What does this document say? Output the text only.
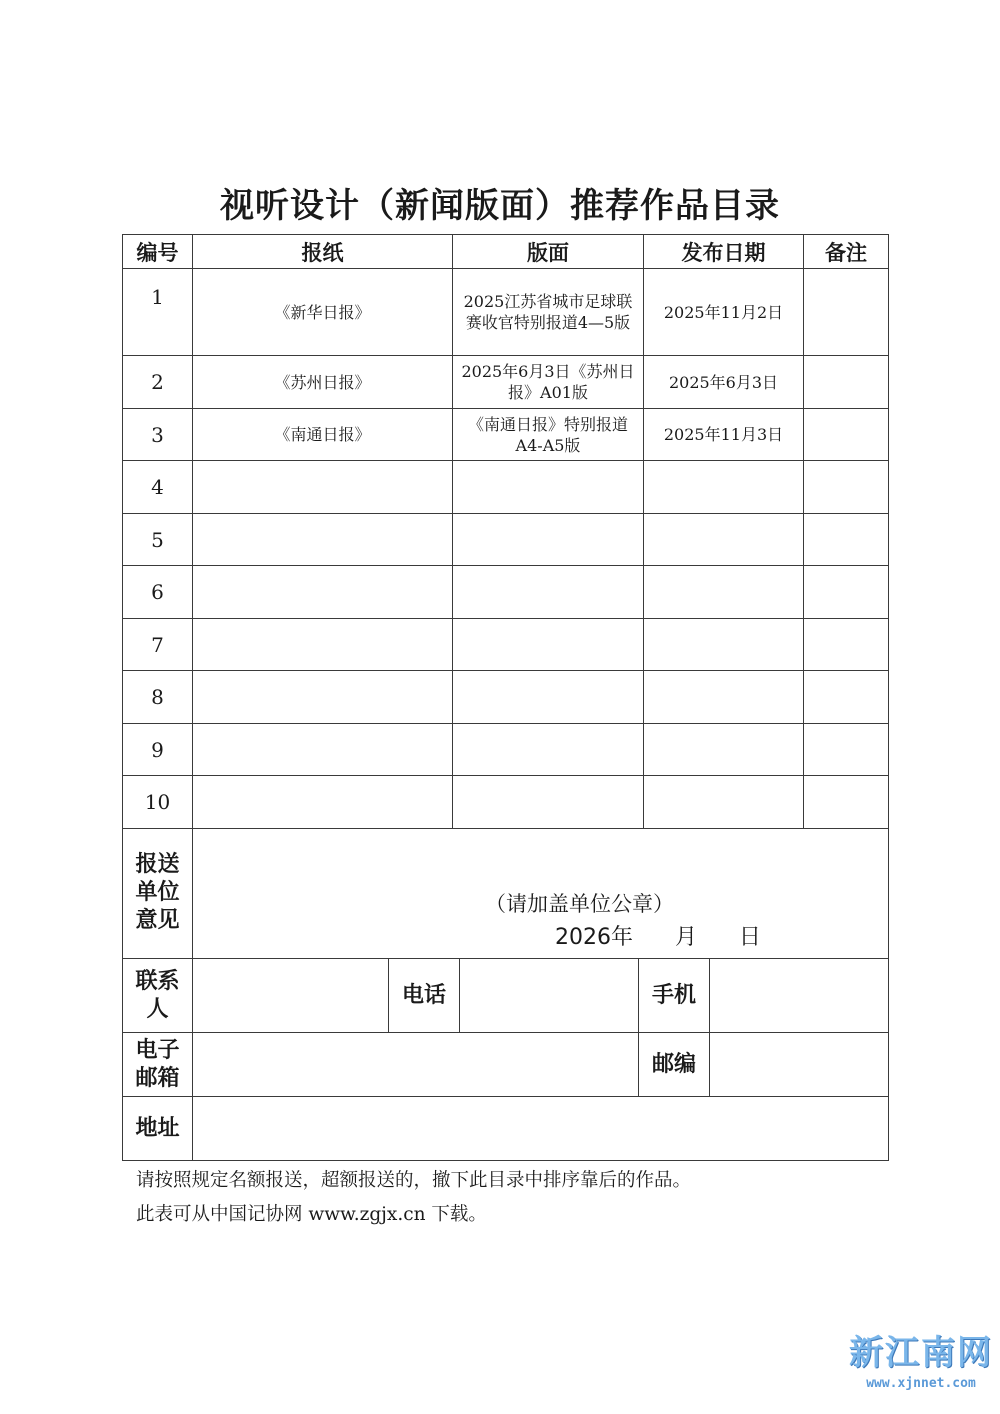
视听设计（新闻版面）推荐作品目录
编号	报纸	版面	发布日期	备注
1	《新华日报》	2025江苏省城市足球联赛收官特别报道4—5版	2025年11月2日	
2	《苏州日报》	2025年6月3日《苏州日报》A01版	2025年6月3日	
3	《南通日报》	《南通日报》特别报道A4-A5版	2025年11月3日	
4				
5				
6				
7				
8				
9				
10				
报送单位意见	（请加盖单位公章）
2026年      月      日				

联系人		电话		手机	

电子邮箱				邮编	
地址					
请按照规定名额报送，超额报送的，撤下此目录中排序靠后的作品。
此表可从中国记协网 www.zgjx.cn 下载。
新江南网
www.xjnnet.com
